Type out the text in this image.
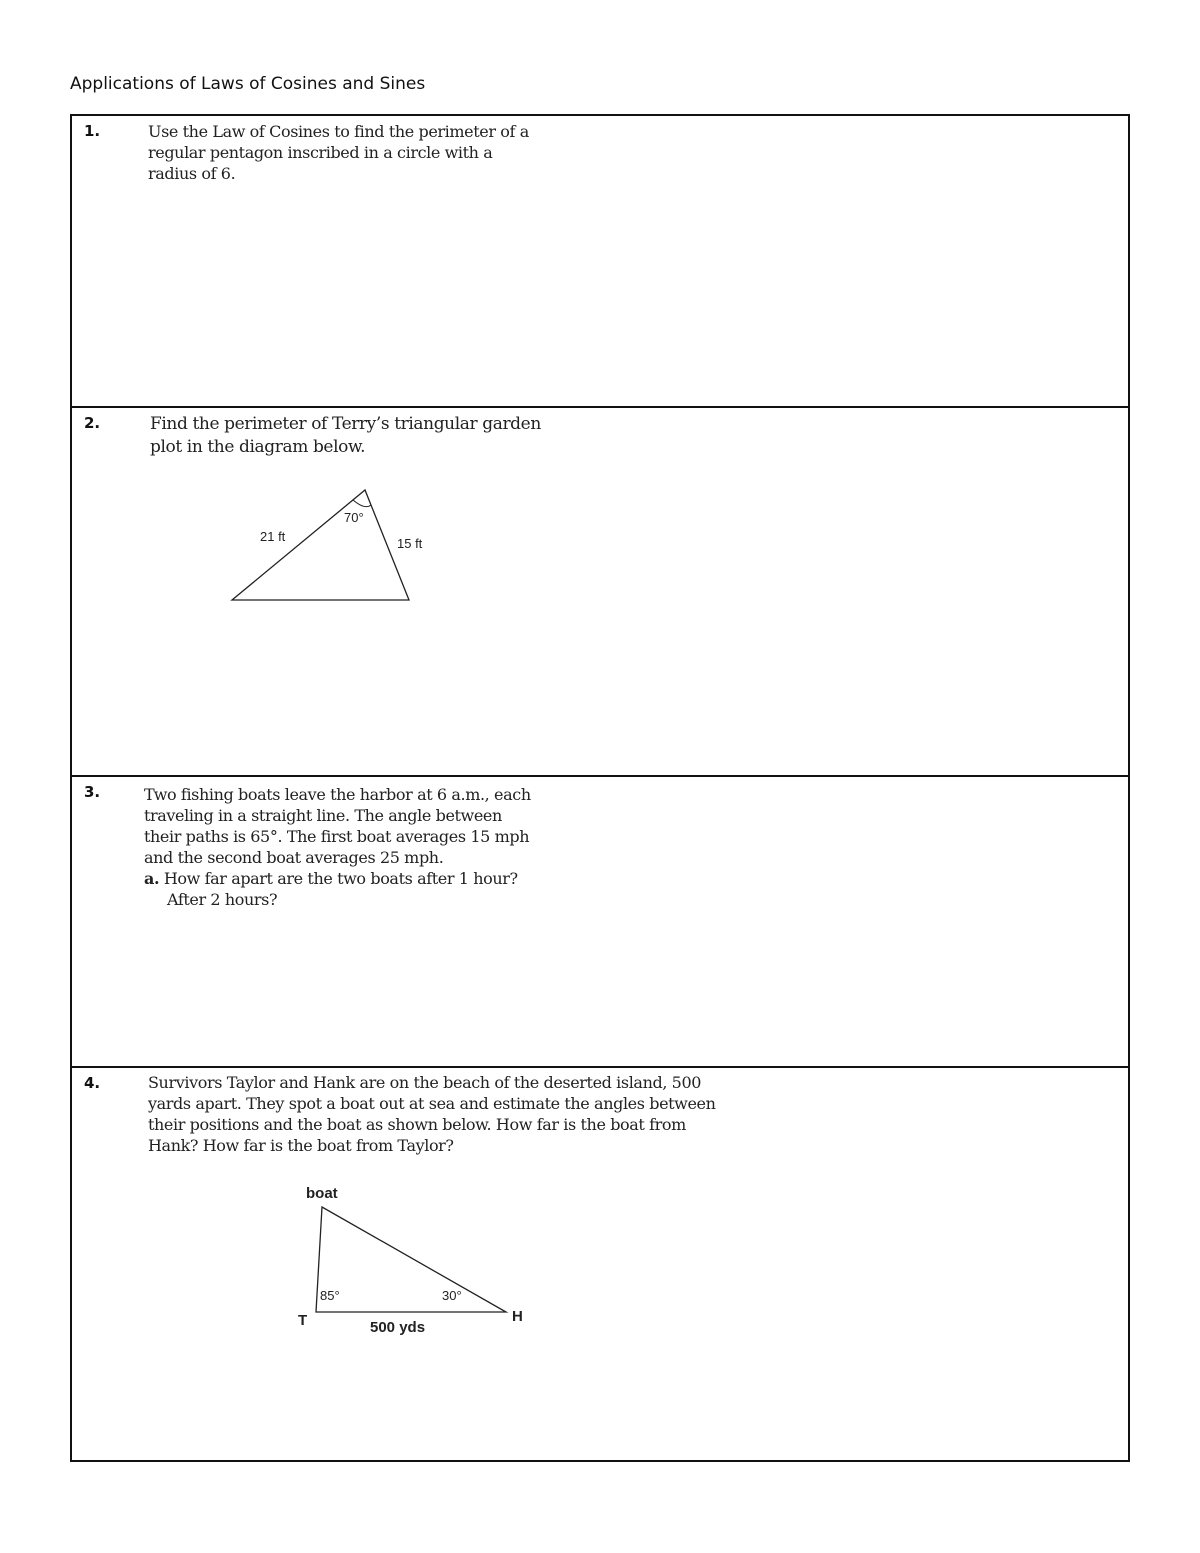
Applications of Laws of Cosines and Sines
1.	Use the Law of Cosines to find the perimeter of a

regular pentagon inscribed in a circle with a

radius of 6.

2.	Find the perimeter of Terry’s triangular garden

plot in the diagram below.

70°
21 ft	15 ft
3.	Two fishing boats leave the harbor at 6 a.m., each

traveling in a straight line. The angle between

their paths is 65°. The first boat averages 15 mph

and the second boat averages 25 mph.

a. How far apart are the two boats after 1 hour?

After 2 hours?

4.	Survivors Taylor and Hank are on the beach of the deserted island, 500

yards apart. They spot a boat out at sea and estimate the angles between

their positions and the boat as shown below. How far is the boat from

Hank? How far is the boat from Taylor?

boat
85°	30°
T	H
500 yds
